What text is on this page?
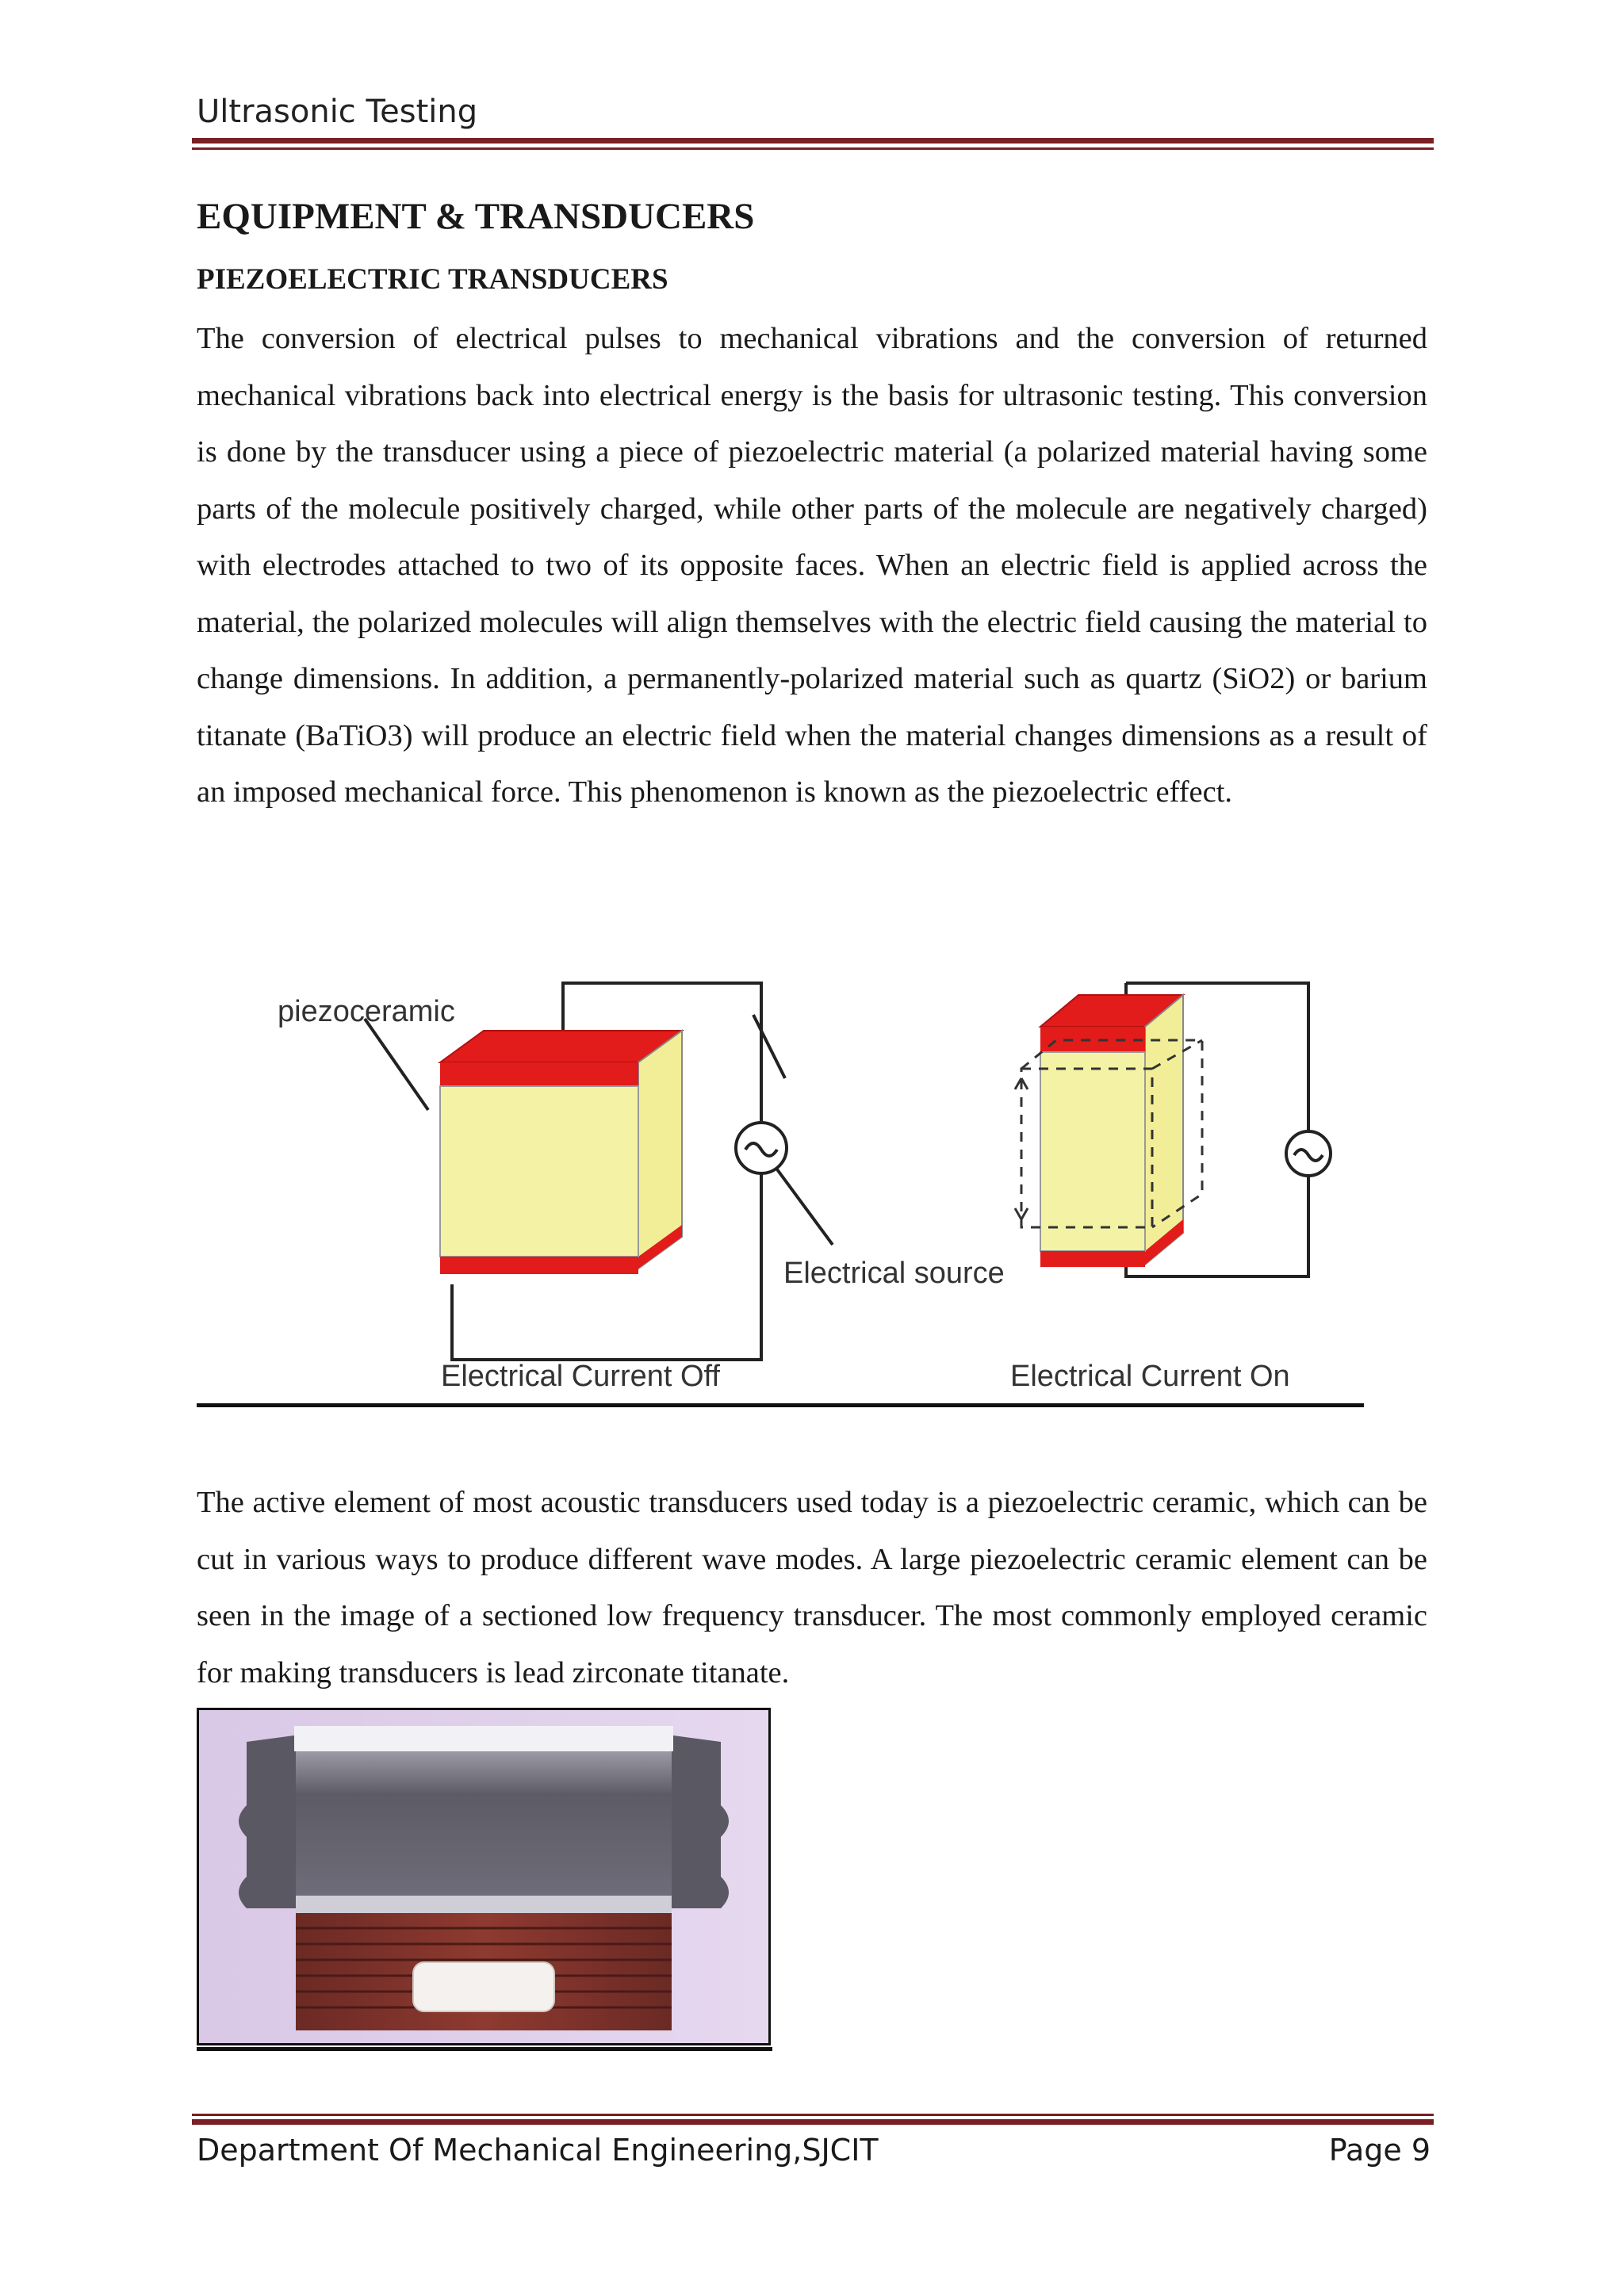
Ultrasonic Testing
EQUIPMENT & TRANSDUCERS
PIEZOELECTRIC TRANSDUCERS

The conversion of electrical pulses to mechanical vibrations and the conversion of returned mechanical vibrations back into electrical energy is the basis for ultrasonic testing. This conversion is done by the transducer using a piece of piezoelectric material (a polarized material having some parts of the molecule positively charged, while other parts of the molecule are negatively charged) with electrodes attached to two of its opposite faces. When an electric field is applied across the material, the polarized molecules will align themselves with the electric field causing the material to change dimensions. In addition, a permanently-polarized material such as quartz (SiO2) or barium titanate (BaTiO3) will produce an electric field when the material changes dimensions as a result of an imposed mechanical force. This phenomenon is known as the piezoelectric effect.

piezoceramic
Electrical source
Electrical Current Off	Electrical Current On

The active element of most acoustic transducers used today is a piezoelectric ceramic, which can be cut in various ways to produce different wave modes. A large piezoelectric ceramic element can be seen in the image of a sectioned low frequency transducer. The most commonly employed ceramic for making transducers is lead zirconate titanate.

Department Of Mechanical Engineering,SJCIT	Page 9
